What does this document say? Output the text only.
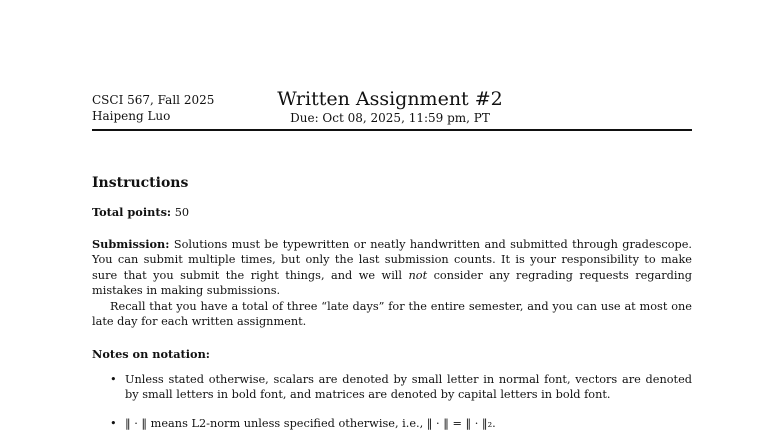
CSCI 567, Fall 2025
Haipeng Luo
Written Assignment #2
Due: Oct 08, 2025, 11:59 pm, PT
Instructions
Total points: 50
Submission: Solutions must be typewritten or neatly handwritten and submitted through gradescope. You can submit multiple times, but only the last submission counts. It is your responsibility to make sure that you submit the right things, and we will not consider any regrading requests regarding mistakes in making submissions.
Recall that you have a total of three “late days” for the entire semester, and you can use at most one late day for each written assignment.
Notes on notation:
• Unless stated otherwise, scalars are denoted by small letter in normal font, vectors are denoted by small letters in bold font, and matrices are denoted by capital letters in bold font.
• ‖ · ‖ means L2-norm unless specified otherwise, i.e., ‖ · ‖ = ‖ · ‖₂.
